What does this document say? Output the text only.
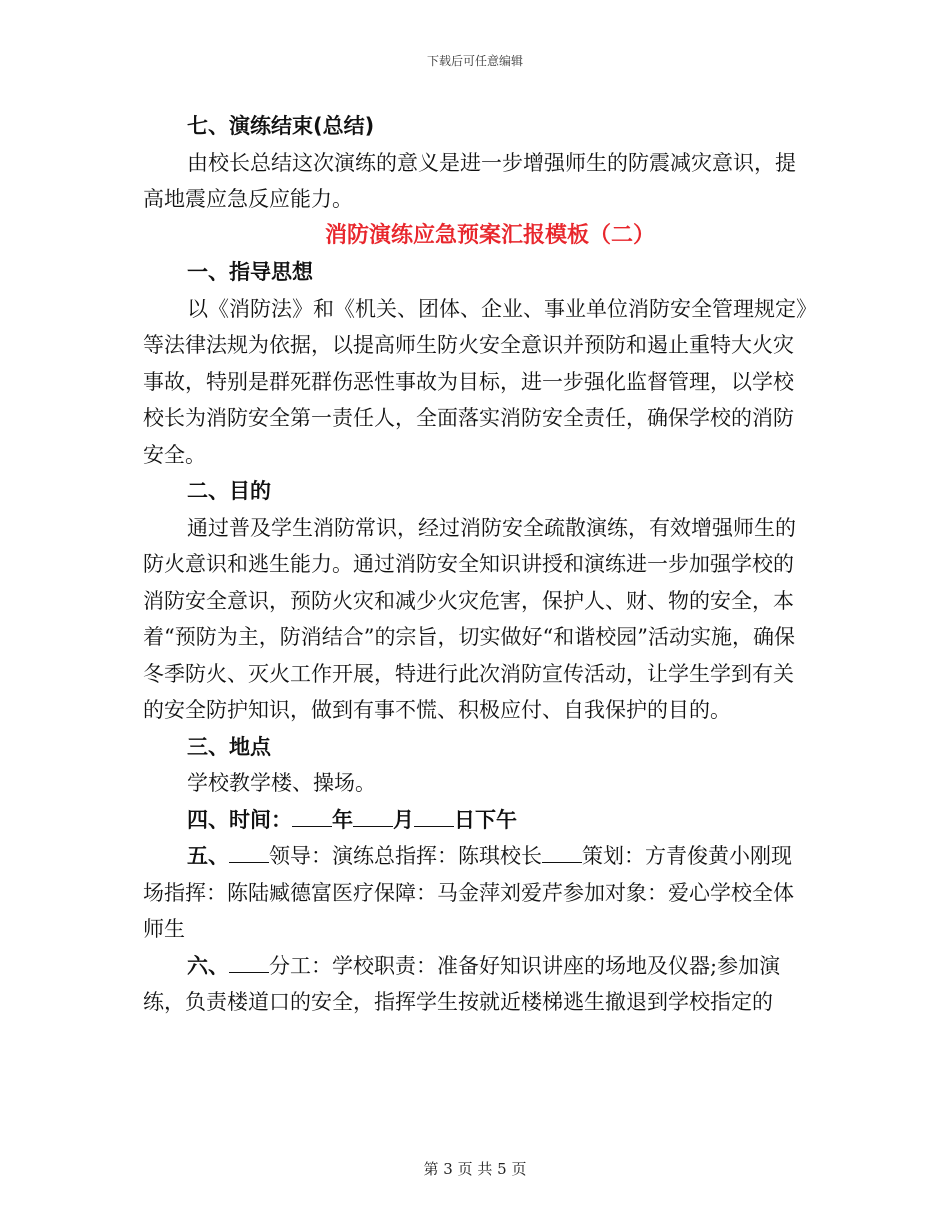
下载后可任意编辑

七、演练结束(总结)

由校长总结这次演练的意义是进一步增强师生的防震减灾意识，提高地震应急反应能力。

消防演练应急预案汇报模板（二）

一、指导思想

以《消防法》和《机关、团体、企业、事业单位消防安全管理规定》等法律法规为依据，以提高师生防火安全意识并预防和遏止重特大火灾事故，特别是群死群伤恶性事故为目标，进一步强化监督管理，以学校校长为消防安全第一责任人，全面落实消防安全责任，确保学校的消防安全。

二、目的

通过普及学生消防常识，经过消防安全疏散演练，有效增强师生的防火意识和逃生能力。通过消防安全知识讲授和演练进一步加强学校的消防安全意识，预防火灾和减少火灾危害，保护人、财、物的安全，本着“预防为主，防消结合”的宗旨，切实做好“和谐校园”活动实施，确保冬季防火、灭火工作开展，特进行此次消防宣传活动，让学生学到有关的安全防护知识，做到有事不慌、积极应付、自我保护的目的。

三、地点

学校教学楼、操场。

四、时间： 年 月 日下午

五、 领导：演练总指挥：陈琪校长 策划：方青俊黄小刚现场指挥：陈陆臧德富医疗保障：马金萍刘爱芹参加对象：爱心学校全体师生

六、 分工：学校职责：准备好知识讲座的场地及仪器;参加演练，负责楼道口的安全，指挥学生按就近楼梯逃生撤退到学校指定的

第 3 页 共 5 页
